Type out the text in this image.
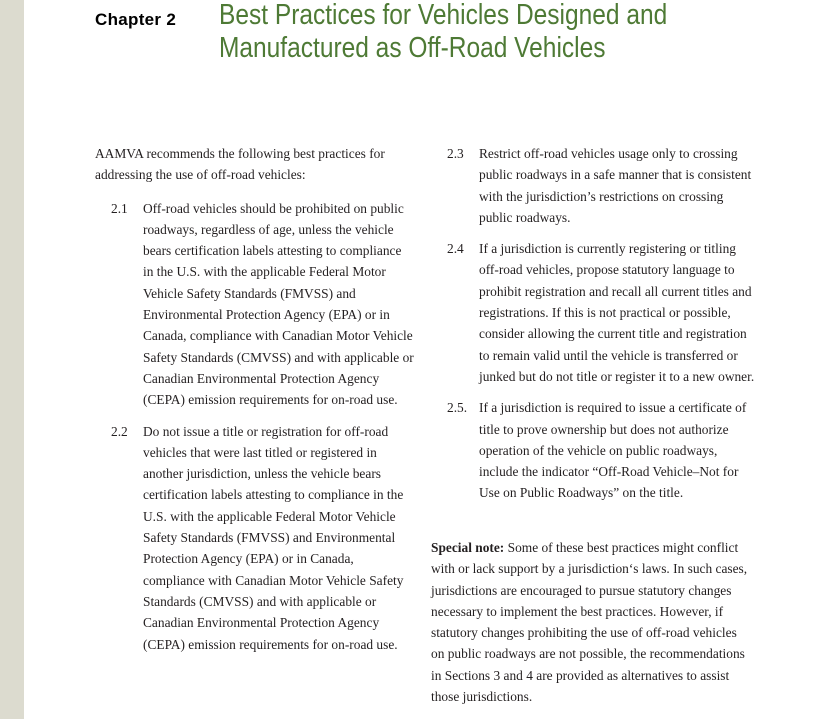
Chapter 2 Best Practices for Vehicles Designed and
Manufactured as Off-Road Vehicles

AAMVA recommends the following best practices for addressing the use of off-road vehicles:

2.1 Off-road vehicles should be prohibited on public roadways, regardless of age, unless the vehicle bears certification labels attesting to compliance in the U.S. with the applicable Federal Motor Vehicle Safety Standards (FMVSS) and Environmental Protection Agency (EPA) or in Canada, compliance with Canadian Motor Vehicle Safety Standards (CMVSS) and with applicable or Canadian Environmental Protection Agency (CEPA) emission requirements for on-road use.
2.2 Do not issue a title or registration for off-road vehicles that were last titled or registered in another jurisdiction, unless the vehicle bears certification labels attesting to compliance in the U.S. with the applicable Federal Motor Vehicle Safety Standards (FMVSS) and Environmental Protection Agency (EPA) or in Canada, compliance with Canadian Motor Vehicle Safety Standards (CMVSS) and with applicable or Canadian Environmental Protection Agency (CEPA) emission requirements for on-road use.
2.3 Restrict off-road vehicles usage only to crossing public roadways in a safe manner that is consistent with the jurisdiction’s restrictions on crossing public roadways.
2.4 If a jurisdiction is currently registering or titling off-road vehicles, propose statutory language to prohibit registration and recall all current titles and registrations. If this is not practical or possible, consider allowing the current title and registration to remain valid until the vehicle is transferred or junked but do not title or register it to a new owner.
2.5. If a jurisdiction is required to issue a certificate of title to prove ownership but does not authorize operation of the vehicle on public roadways, include the indicator “Off-Road Vehicle–Not for Use on Public Roadways” on the title.

Special note: Some of these best practices might conflict with or lack support by a jurisdiction‘s laws. In such cases, jurisdictions are encouraged to pursue statutory changes necessary to implement the best practices. However, if statutory changes prohibiting the use of off-road vehicles on public roadways are not possible, the recommendations in Sections 3 and 4 are provided as alternatives to assist those jurisdictions.
